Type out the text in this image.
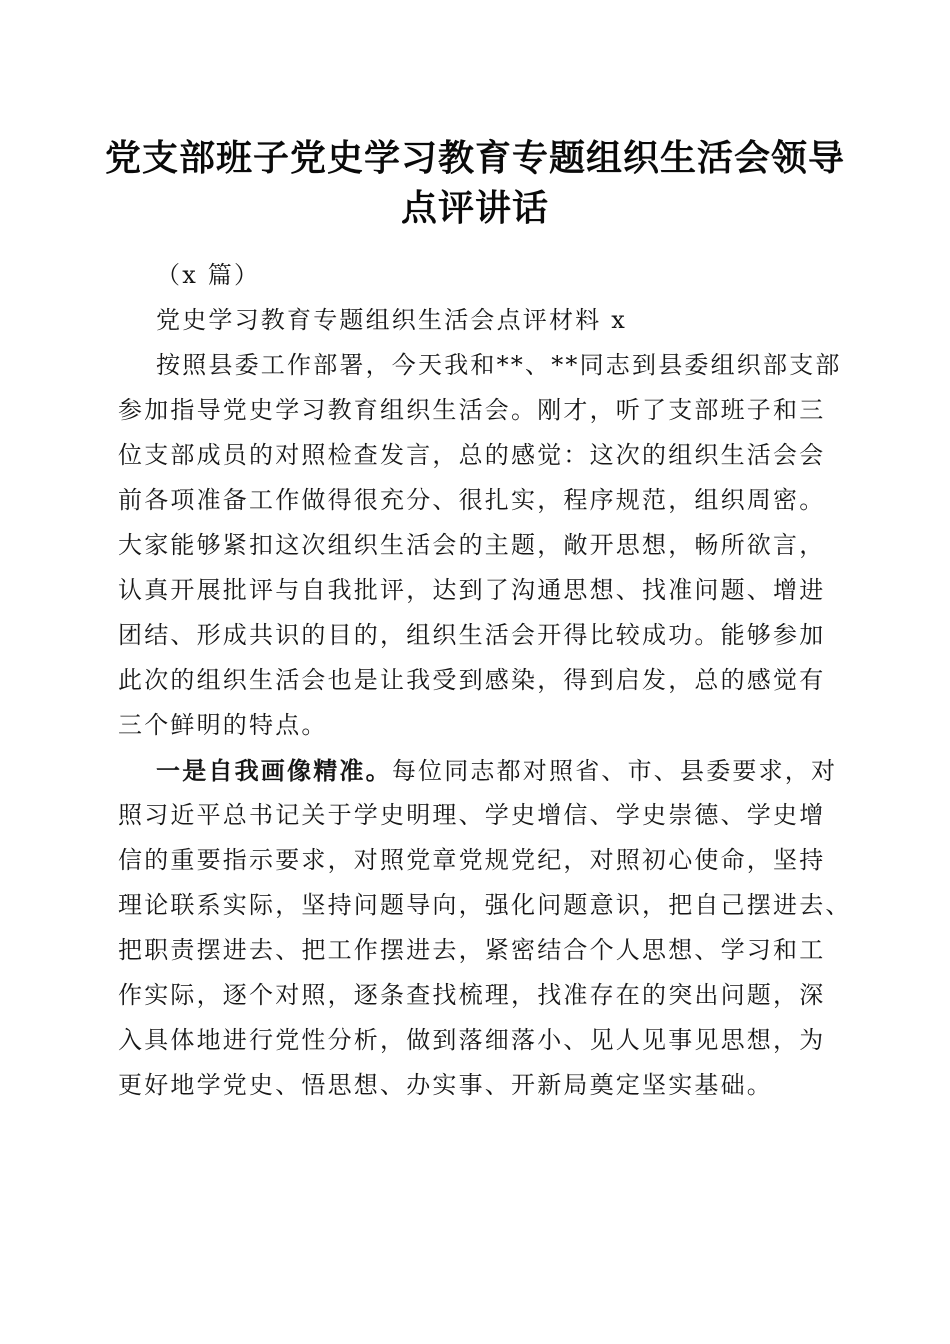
党支部班子党史学习教育专题组织生活会领导
点评讲话
（x 篇）
党史学习教育专题组织生活会点评材料 x
按照县委工作部署，今天我和**、**同志到县委组织部支部
参加指导党史学习教育组织生活会。刚才，听了支部班子和三
位支部成员的对照检查发言，总的感觉：这次的组织生活会会
前各项准备工作做得很充分、很扎实，程序规范，组织周密。
大家能够紧扣这次组织生活会的主题，敞开思想，畅所欲言，
认真开展批评与自我批评，达到了沟通思想、找准问题、增进
团结、形成共识的目的，组织生活会开得比较成功。能够参加
此次的组织生活会也是让我受到感染，得到启发，总的感觉有
三个鲜明的特点。
一是自我画像精准。每位同志都对照省、市、县委要求，对
照习近平总书记关于学史明理、学史增信、学史崇德、学史增
信的重要指示要求，对照党章党规党纪，对照初心使命，坚持
理论联系实际，坚持问题导向，强化问题意识，把自己摆进去、
把职责摆进去、把工作摆进去，紧密结合个人思想、学习和工
作实际，逐个对照，逐条查找梳理，找准存在的突出问题，深
入具体地进行党性分析，做到落细落小、见人见事见思想，为
更好地学党史、悟思想、办实事、开新局奠定坚实基础。
